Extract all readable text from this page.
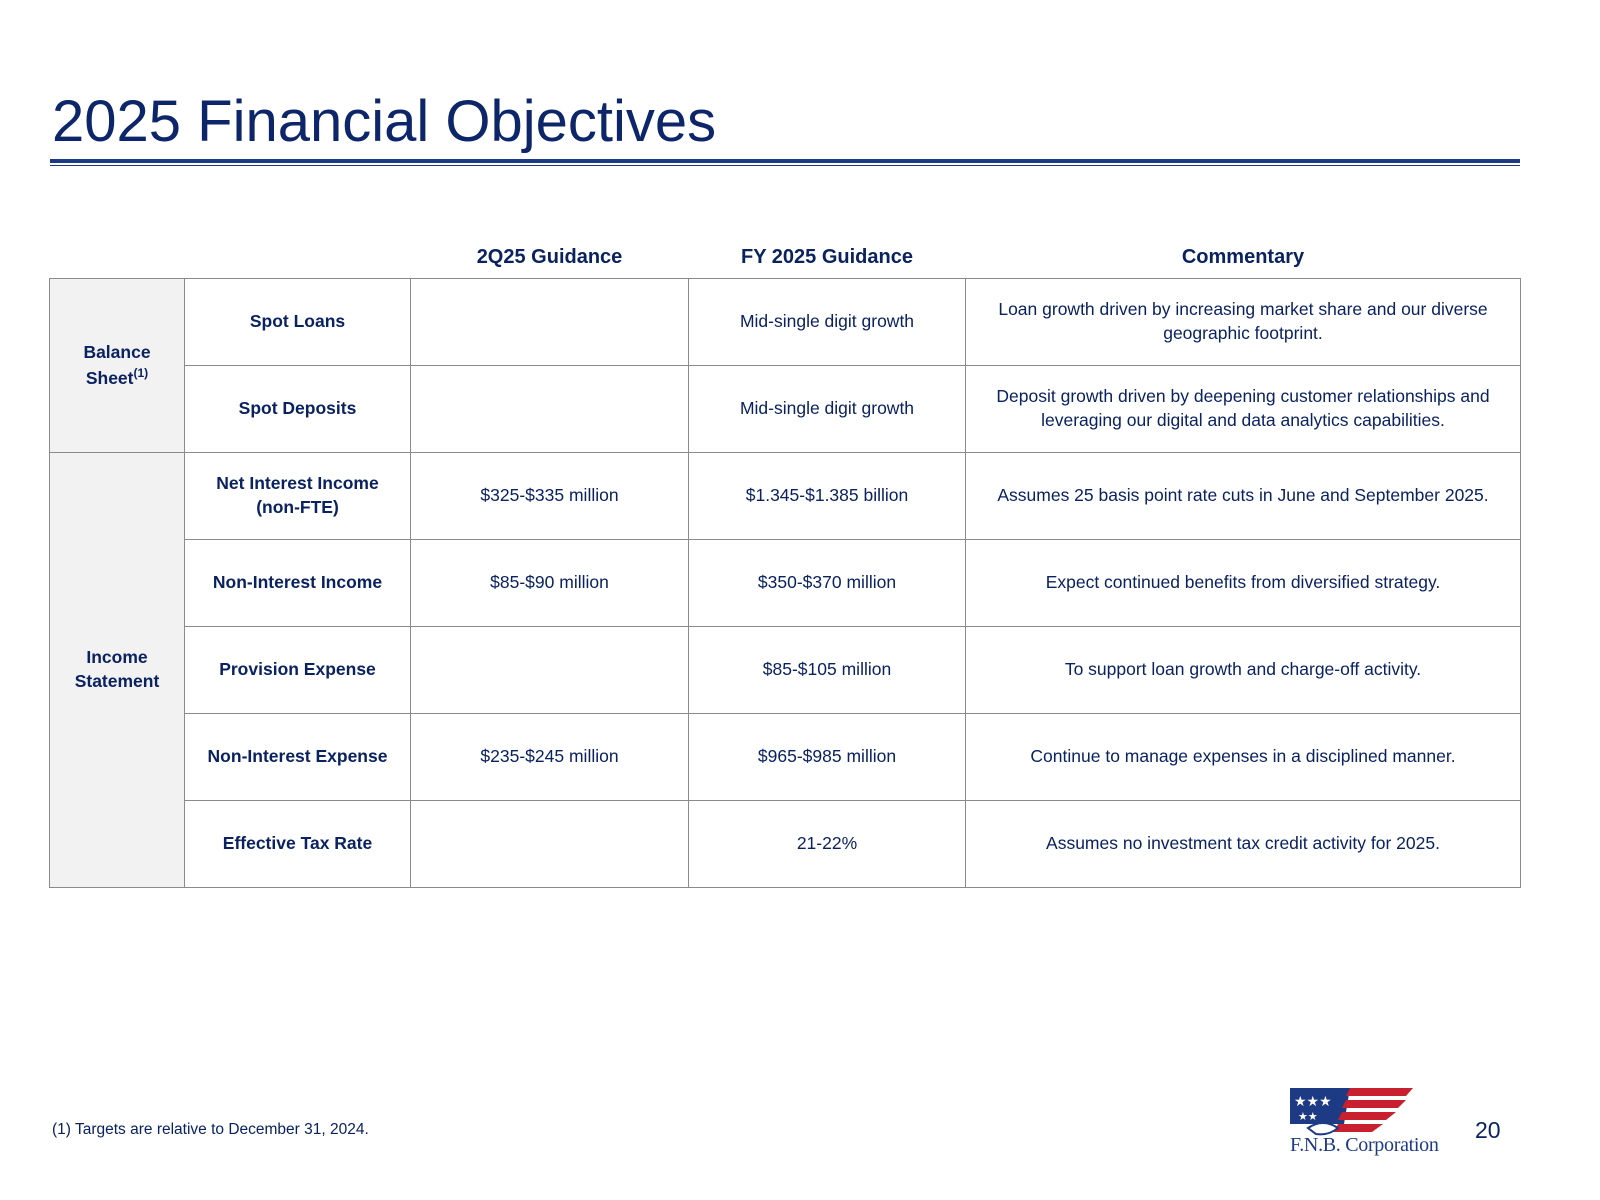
2025 Financial Objectives
		2Q25 Guidance	FY 2025 Guidance	Commentary
Balance Sheet$^{(1)}$	Spot Loans		Mid-single digit growth	Loan growth driven by increasing market share and our diverse geographic footprint.
	Spot Deposits		Mid-single digit growth	Deposit growth driven by deepening customer relationships and leveraging our digital and data analytics capabilities.
Income Statement	Net Interest Income (non-FTE)	$325-$335 million	$1.345-$1.385 billion	Assumes 25 basis point rate cuts in June and September 2025.
	Non-Interest Income	$85-$90 million	$350-$370 million	Expect continued benefits from diversified strategy.
	Provision Expense		$85-$105 million	To support loan growth and charge-off activity.
	Non-Interest Expense	$235-$245 million	$965-$985 million	Continue to manage expenses in a disciplined manner.
	Effective Tax Rate		21-22%	Assumes no investment tax credit activity for 2025.
(1) Targets are relative to December 31, 2024.
★★★
★★
F.N.B. Corporation
20
